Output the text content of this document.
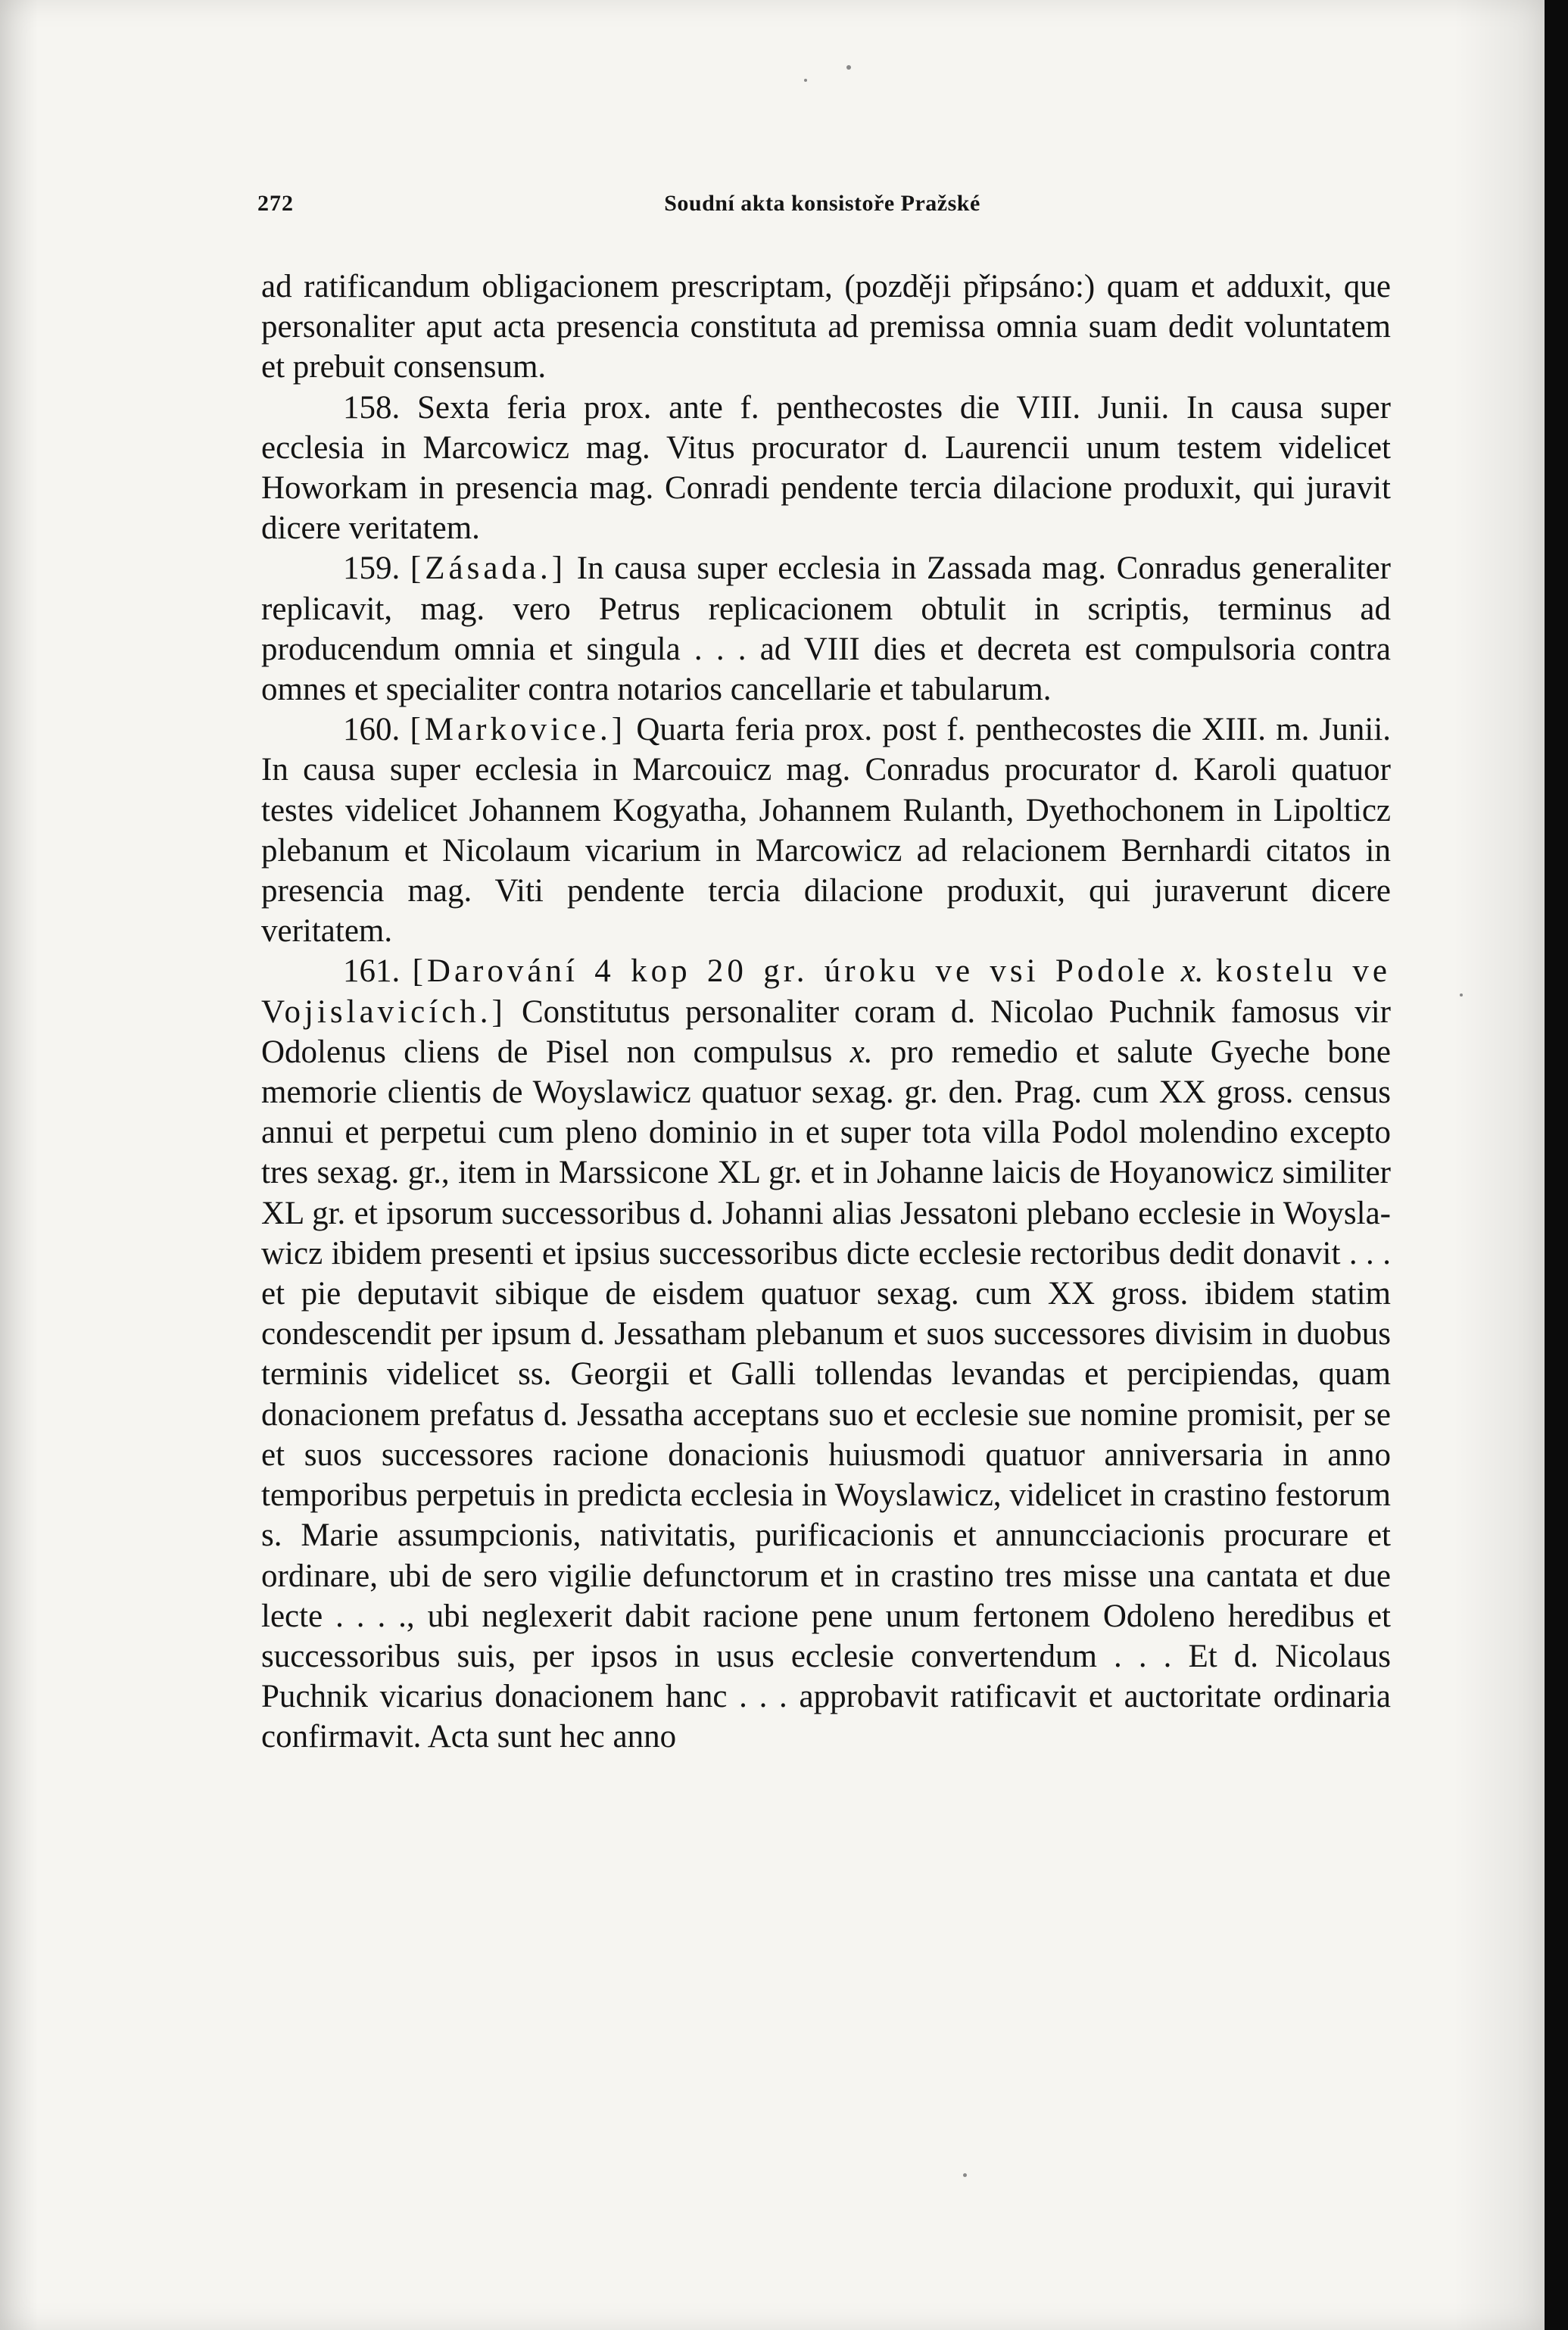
272	Soudní akta konsistoře Pražské

ad ratificandum obligacionem prescriptam, (později připsáno:) quam et adduxit, que personaliter aput acta presencia constituta ad premissa omnia suam dedit voluntatem et prebuit consensum.

158. Sexta feria prox. ante f. penthecostes die VIII. Junii. In causa super ecclesia in Marcowicz mag. Vitus procurator d. Laurencii unum testem videlicet Howorkam in presencia mag. Conradi pendente tercia dilacione produxit, qui juravit dicere veritatem.

159. [Zásada.] In causa super ecclesia in Zassada mag. Conradus generaliter replicavit, mag. vero Petrus replicacionem obtulit in scriptis, terminus ad producendum omnia et singula . . . ad VIII dies et decreta est compulsoria contra omnes et specialiter contra notarios cancellarie et tabularum.

160. [Markovice.] Quarta feria prox. post f. penthecostes die XIII. m. Junii. In causa super ecclesia in Marcouicz mag. Conradus procurator d. Karoli quatuor testes videlicet Johannem Kogyatha, Johannem Rulanth, Dyethochonem in Lipolticz plebanum et Nicolaum vicarium in Marcowicz ad relacionem Bernhardi citatos in presencia mag. Viti pendente tercia dilacione produxit, qui juraverunt dicere veritatem.

161. [Darování 4 kop 20 gr. úroku ve vsi Podole x. kostelu ve Vojislavicích.] Constitutus personaliter coram d. Nicolao Puchnik famosus vir Odolenus cliens de Pisel non compulsus x. pro remedio et salute Gyeche bone memorie clientis de Woyslawicz quatuor sexag. gr. den. Prag. cum XX gross. census annui et perpetui cum pleno dominio in et super tota villa Podol molendino excepto tres sexag. gr., item in Marssicone XL gr. et in Johanne laicis de Hoyanowicz similiter XL gr. et ipsorum successoribus d. Johanni alias Jessatoni plebano ecclesie in Woyslawicz ibidem presenti et ipsius successoribus dicte ecclesie rectoribus dedit donavit . . . et pie deputavit sibique de eisdem quatuor sexag. cum XX gross. ibidem statim condescendit per ipsum d. Jessatham plebanum et suos successores divisim in duobus terminis videlicet ss. Georgii et Galli tollendas levandas et percipiendas, quam donacionem prefatus d. Jessatha acceptans suo et ecclesie sue nomine promisit, per se et suos successores racione donacionis huiusmodi quatuor anniversaria in anno temporibus perpetuis in predicta ecclesia in Woyslawicz, videlicet in crastino festorum s. Marie assumpcionis, nativitatis, purificacionis et annuncciacionis procurare et ordinare, ubi de sero vigilie defunctorum et in crastino tres misse una cantata et due lecte . . . ., ubi neglexerit dabit racione pene unum fertonem Odoleno heredibus et successoribus suis, per ipsos in usus ecclesie convertendum . . . Et d. Nicolaus Puchnik vicarius donacionem hanc . . . approbavit ratificavit et auctoritate ordinaria confirmavit. Acta sunt hec anno
